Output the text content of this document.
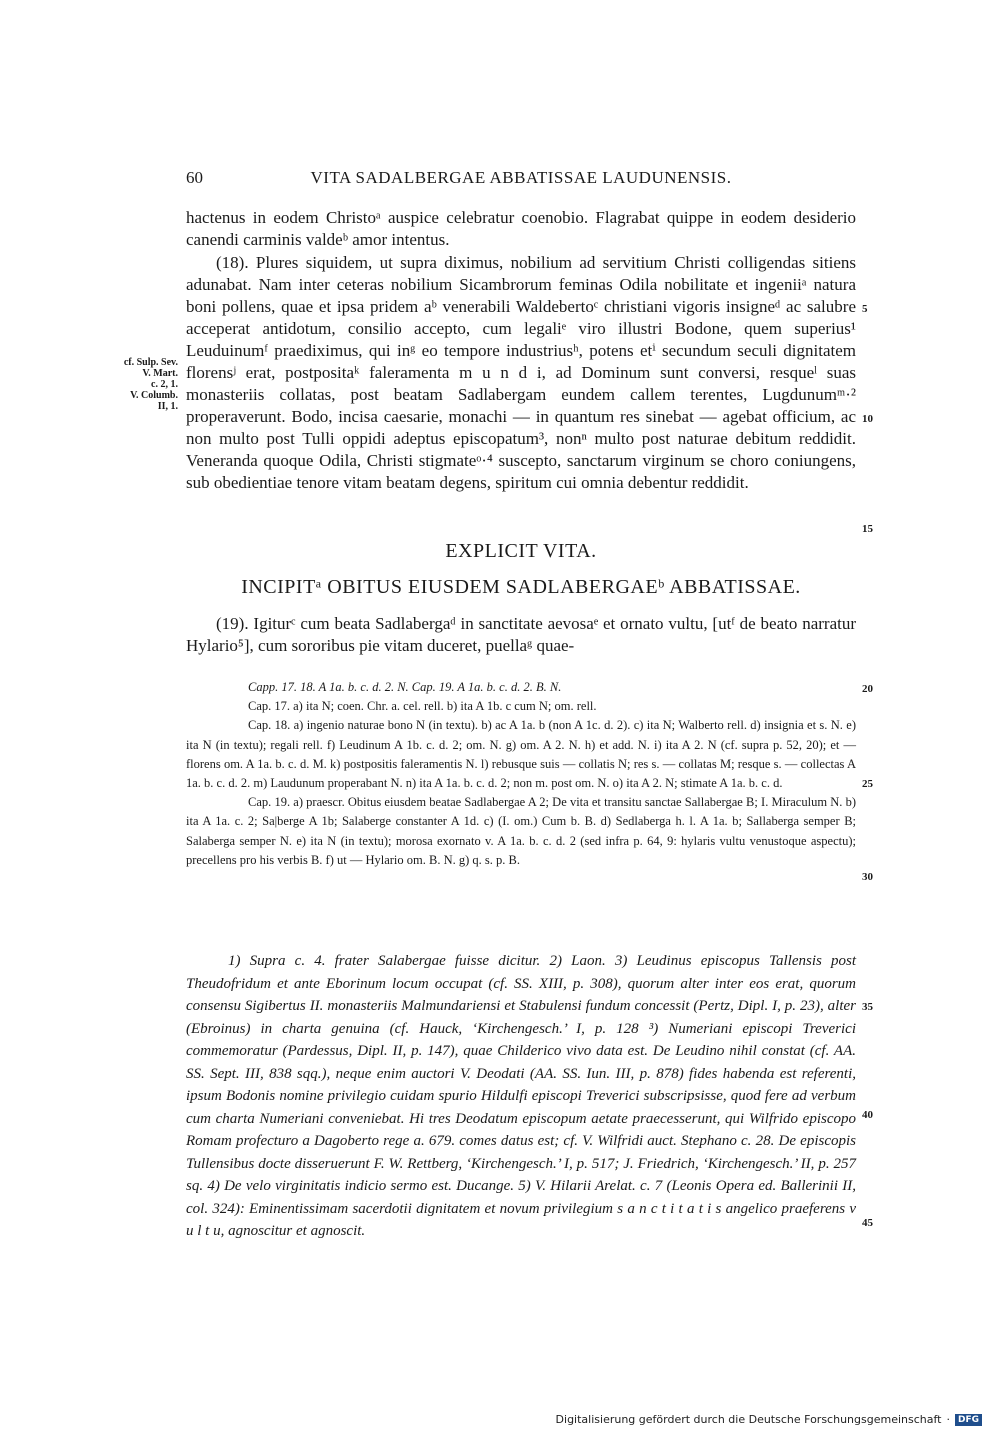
60	VITA SADALBERGAE ABBATISSAE LAUDUNENSIS.

hactenus in eodem Christoᵃ auspice celebratur coenobio. Flagrabat quippe in eodem desiderio canendi carminis valdeᵇ amor intentus.

(18). Plures siquidem, ut supra diximus, nobilium ad servitium Christi colligendas sitiens adunabat. Nam inter ceteras nobilium Sicambrorum feminas Odila nobilitate et ingeniiᵃ natura boni pollens, quae et ipsa pridem aᵇ venerabili Waldebertoᶜ christiani vigoris insigneᵈ ac salubre acceperat antidotum, consilio accepto, cum legaliᵉ viro illustri Bodone, quem superius¹ Leuduinumᶠ praediximus, qui inᵍ eo tempore industriusʰ, potens etⁱ secundum seculi dignitatem florensʲ erat, postpositaᵏ faleramenta m u n d i, ad Dominum sunt conversi, resqueˡ suas monasteriis collatas, post beatam Sadlabergam eundem callem terentes, Lugdunumᵐ·² properaverunt. Bodo, incisa caesarie, monachi — in quantum res sinebat — agebat officium, ac non multo post Tulli oppidi adeptus episcopatum³, nonⁿ multo post naturae debitum reddidit. Veneranda quoque Odila, Christi stigmateᵒ·⁴ suscepto, sanctarum virginum se choro coniungens, sub obedientiae tenore vitam beatam degens, spiritum cui omnia debentur reddidit.

cf. Sulp. Sev.
V. Mart.
c. 2, 1.
V. Columb.
II, 1.
5
10
15
20
25
30
35
40
45
EXPLICIT VITA.
INCIPITᵃ OBITUS EIUSDEM SADLABERGAEᵇ ABBATISSAE.

(19). Igiturᶜ cum beata Sadlabergaᵈ in sanctitate aevosaᵉ et ornato vultu, [utᶠ de beato narratur Hylario⁵], cum sororibus pie vitam duceret, puellaᵍ quae-

Capp. 17. 18. A 1a. b. c. d. 2. N. Cap. 19. A 1a. b. c. d. 2. B. N.

Cap. 17. a) ita N; coen. Chr. a. cel. rell. b) ita A 1b. c cum N; om. rell.

Cap. 18. a) ingenio naturae bono N (in textu). b) ac A 1a. b (non A 1c. d. 2). c) ita N; Walberto rell. d) insignia et s. N. e) ita N (in textu); regali rell. f) Leudinum A 1b. c. d. 2; om. N. g) om. A 2. N. h) et add. N. i) ita A 2. N (cf. supra p. 52, 20); et — florens om. A 1a. b. c. d. M. k) postpositis faleramentis N. l) rebusque suis — collatis N; res s. — collatas M; resque s. — collectas A 1a. b. c. d. 2. m) Laudunum properabant N. n) ita A 1a. b. c. d. 2; non m. post om. N. o) ita A 2. N; stimate A 1a. b. c. d.

Cap. 19. a) praescr. Obitus eiusdem beatae Sadlabergae A 2; De vita et transitu sanctae Sallabergae B; I. Miraculum N. b) ita A 1a. c. 2; Sa|berge A 1b; Salaberge constanter A 1d. c) (I. om.) Cum b. B. d) Sedlaberga h. l. A 1a. b; Sallaberga semper B; Salaberga semper N. e) ita N (in textu); morosa exornato v. A 1a. b. c. d. 2 (sed infra p. 64, 9: hylaris vultu venustoque aspectu); precellens pro his verbis B. f) ut — Hylario om. B. N. g) q. s. p. B.

1) Supra c. 4. frater Salabergae fuisse dicitur. 2) Laon. 3) Leudinus episcopus Tallensis post Theudofridum et ante Eborinum locum occupat (cf. SS. XIII, p. 308), quorum alter inter eos erat, quorum consensu Sigibertus II. monasteriis Malmundariensi et Stabulensi fundum concessit (Pertz, Dipl. I, p. 23), alter (Ebroinus) in charta genuina (cf. Hauck, ‘Kirchengesch.’ I, p. 128 ³) Numeriani episcopi Treverici commemoratur (Pardessus, Dipl. II, p. 147), quae Childerico vivo data est. De Leudino nihil constat (cf. AA. SS. Sept. III, 838 sqq.), neque enim auctori V. Deodati (AA. SS. Iun. III, p. 878) fides habenda est referenti, ipsum Bodonis nomine privilegio cuidam spurio Hildulfi episcopi Treverici subscripsisse, quod fere ad verbum cum charta Numeriani conveniebat. Hi tres Deodatum episcopum aetate praecesserunt, qui Wilfrido episcopo Romam profecturo a Dagoberto rege a. 679. comes datus est; cf. V. Wilfridi auct. Stephano c. 28. De episcopis Tullensibus docte disseruerunt F. W. Rettberg, ‘Kirchengesch.’ I, p. 517; J. Friedrich, ‘Kirchengesch.’ II, p. 257 sq. 4) De velo virginitatis indicio sermo est. Ducange. 5) V. Hilarii Arelat. c. 7 (Leonis Opera ed. Ballerinii II, col. 324): Eminentissimam sacerdotii dignitatem et novum privilegium s a n c t i t a t i s angelico praeferens v u l t u, agnoscitur et agnoscit.

Digitalisierung gefördert durch die Deutsche Forschungsgemeinschaft · DFG
